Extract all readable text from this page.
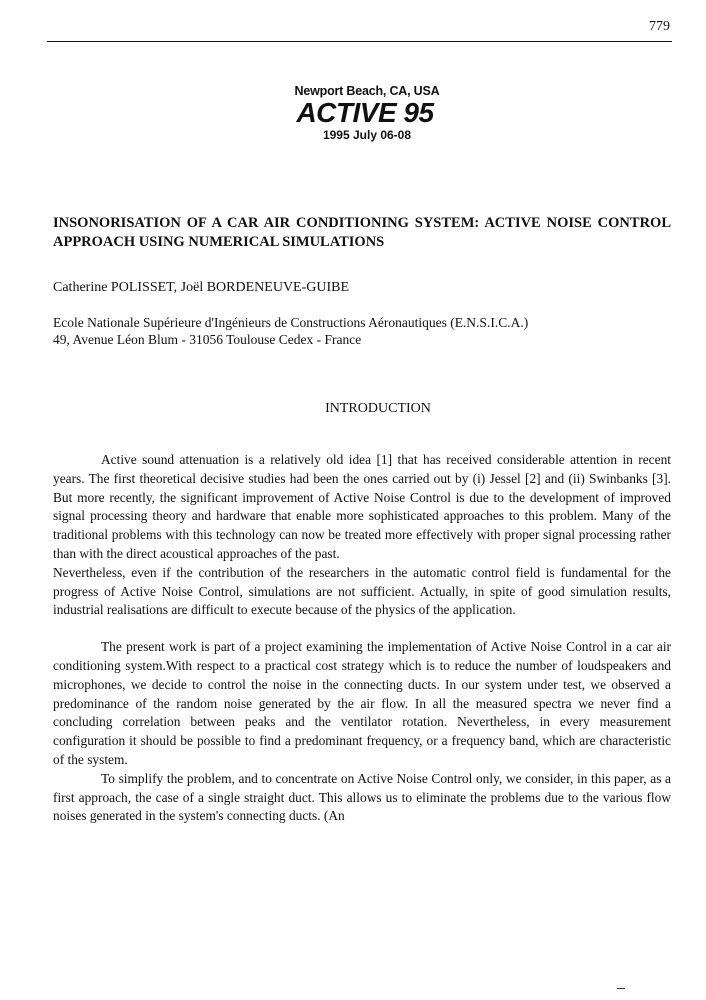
779
Newport Beach, CA, USA
ACTIVE 95
1995 July 06-08
INSONORISATION OF A CAR AIR CONDITIONING SYSTEM: ACTIVE NOISE CONTROL APPROACH USING NUMERICAL SIMULATIONS
Catherine POLISSET, Joël BORDENEUVE-GUIBE
Ecole Nationale Supérieure d'Ingénieurs de Constructions Aéronautiques (E.N.S.I.C.A.)
49, Avenue Léon Blum - 31056 Toulouse Cedex - France
INTRODUCTION

Active sound attenuation is a relatively old idea [1] that has received considerable attention in recent years. The first theoretical decisive studies had been the ones carried out by (i) Jessel [2] and (ii) Swinbanks [3]. But more recently, the significant improvement of Active Noise Control is due to the development of improved signal processing theory and hardware that enable more sophisticated approaches to this problem. Many of the traditional problems with this technology can now be treated more effectively with proper signal processing rather than with the direct acoustical approaches of the past.

Nevertheless, even if the contribution of the researchers in the automatic control field is fundamental for the progress of Active Noise Control, simulations are not sufficient. Actually, in spite of good simulation results, industrial realisations are difficult to execute because of the physics of the application.

The present work is part of a project examining the implementation of Active Noise Control in a car air conditioning system.With respect to a practical cost strategy which is to reduce the number of loudspeakers and microphones, we decide to control the noise in the connecting ducts. In our system under test, we observed a predominance of the random noise generated by the air flow. In all the measured spectra we never find a concluding correlation between peaks and the ventilator rotation. Nevertheless, in every measurement configuration it should be possible to find a predominant frequency, or a frequency band, which are characteristic of the system.

To simplify the problem, and to concentrate on Active Noise Control only, we consider, in this paper, as a first approach, the case of a single straight duct. This allows us to eliminate the problems due to the various flow noises generated in the system's connecting ducts. (An
